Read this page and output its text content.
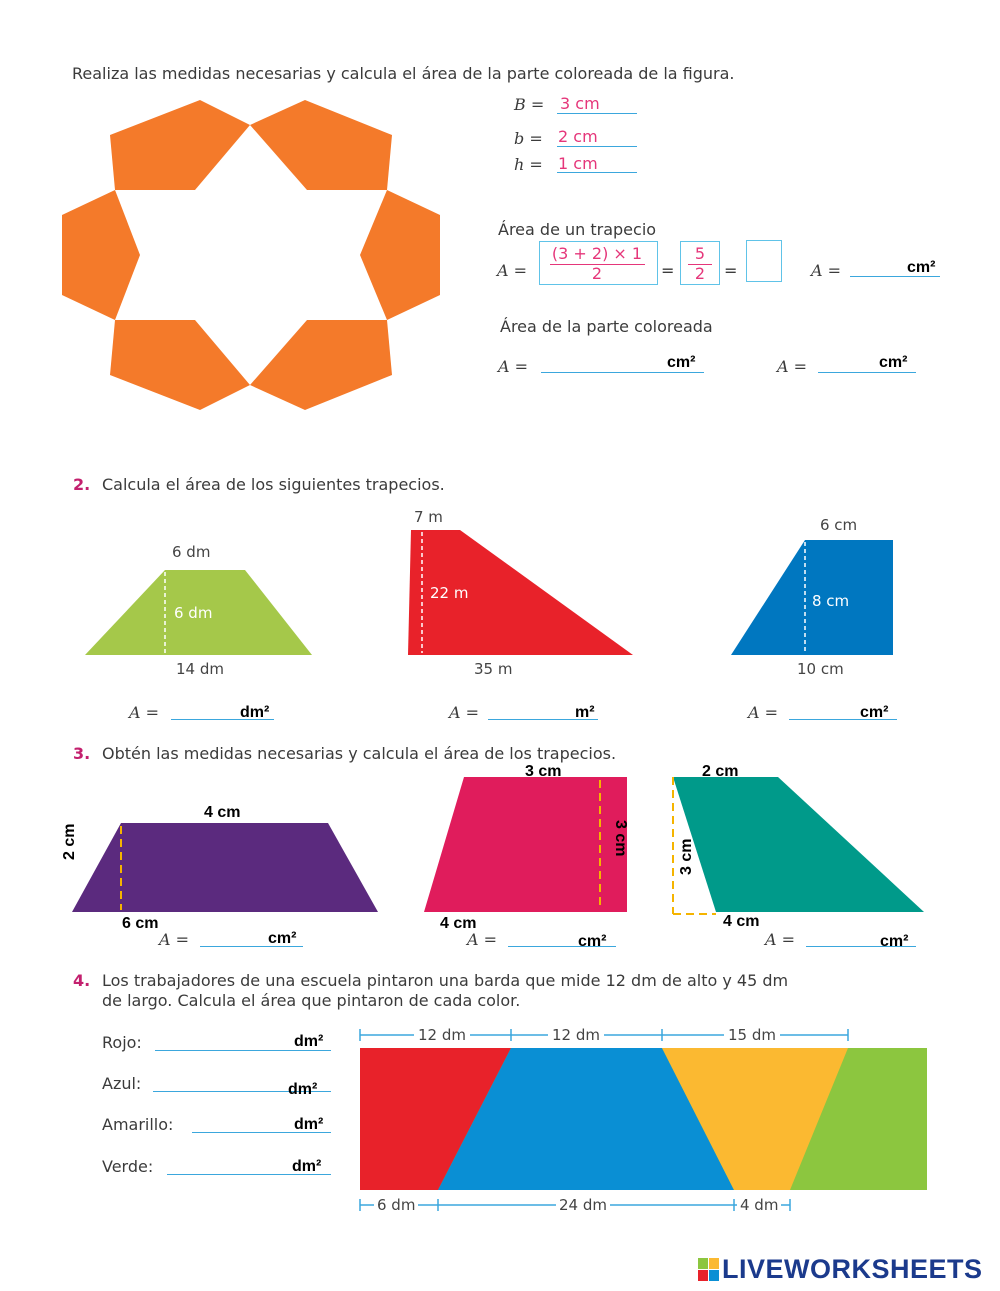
Realiza las medidas necesarias y calcula el área de la parte coloreada de la figura.
B = 3 cm
b = 2 cm
h = 1 cm
Área de un trapecio
A =
(3 + 2) × 1
2	=
5
2	=	A =	cm²
Área de la parte coloreada
A =	cm²	A =	cm²
2. Calcula el área de los siguientes trapecios.
6 dm
6 dm
14 dm
7 m
22 m
35 m
6 cm
8 cm
10 cm
A =	dm²	A =	m²	A =	cm²
3. Obtén las medidas necesarias y calcula el área de los trapecios.
4 cm
2 cm
6 cm
3 cm
3 cm
4 cm
2 cm
3 cm
4 cm
A =	cm²	A =	cm²	A =	cm²
4. Los trabajadores de una escuela pintaron una barda que mide 12 dm de alto y 45 dm
de largo. Calcula el área que pintaron de cada color.
Rojo:	dm²
Azul:	dm²
Amarillo:	dm²
Verde:	dm²
12 dm	12 dm	15 dm
6 dm	24 dm	4 dm
LIVEWORKSHEETS
